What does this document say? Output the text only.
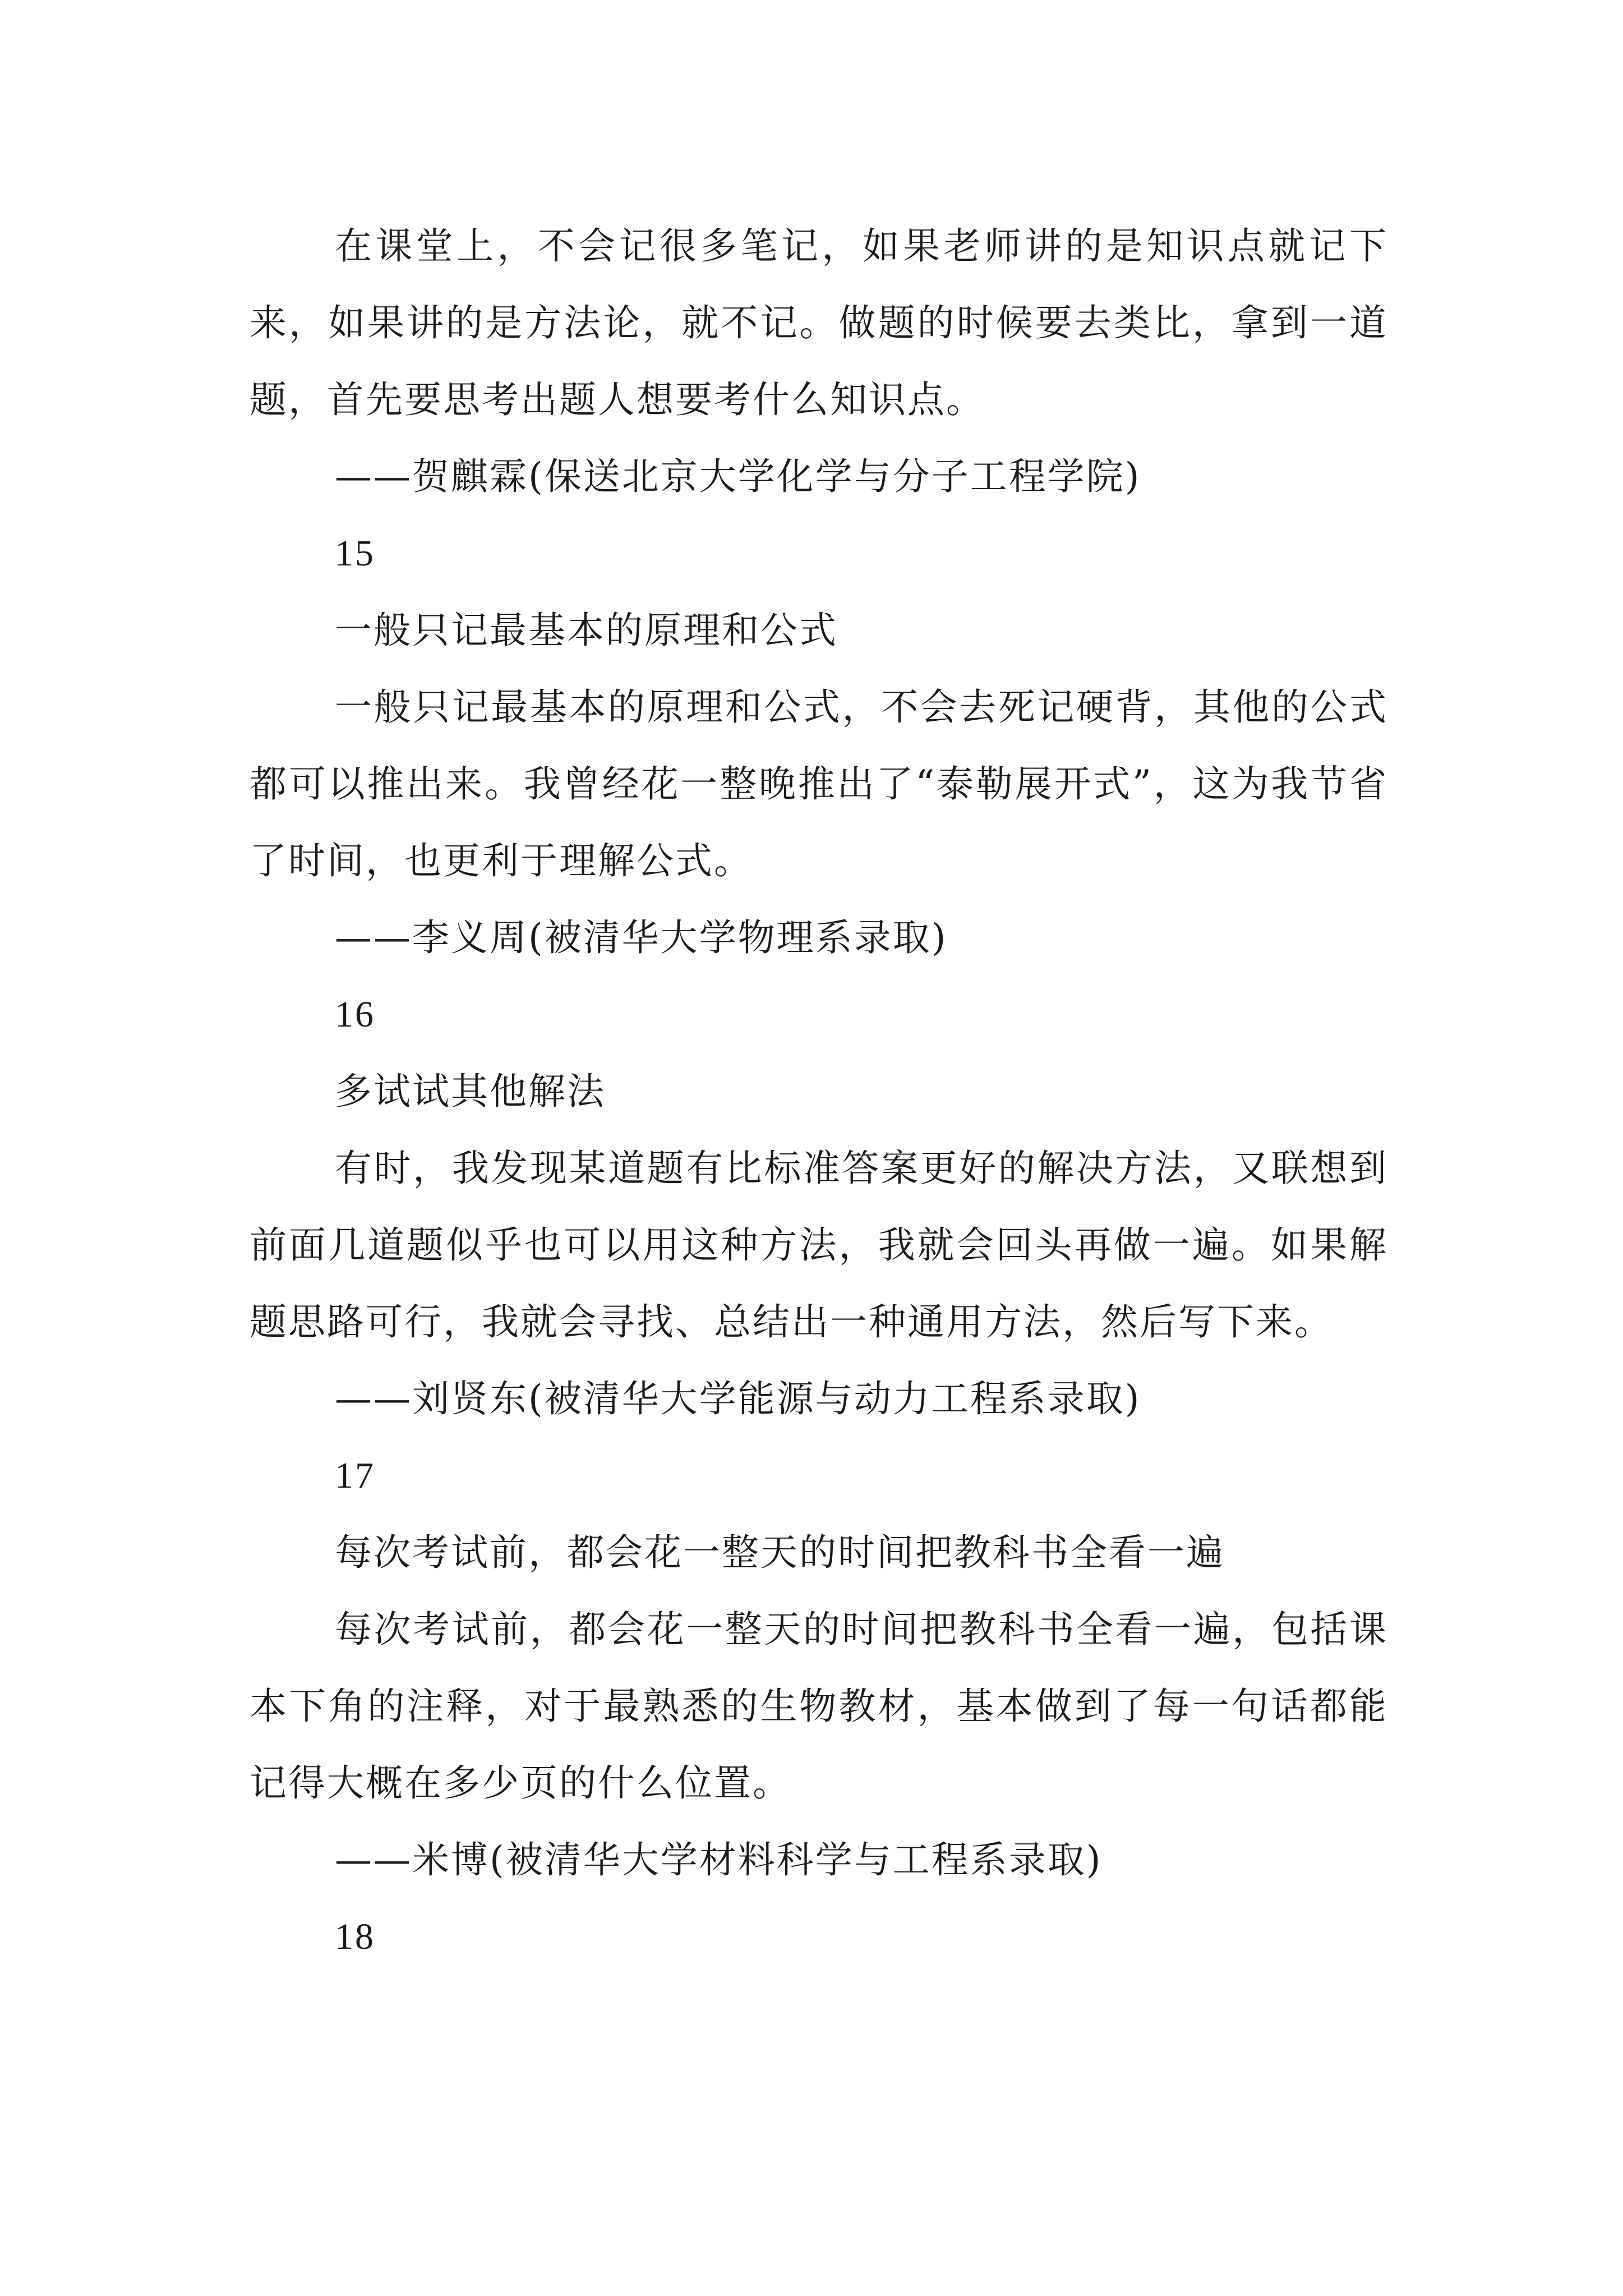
在课堂上，不会记很多笔记，如果老师讲的是知识点就记下来，如果讲的是方法论，就不记。做题的时候要去类比，拿到一道题，首先要思考出题人想要考什么知识点。
——贺麒霖(保送北京大学化学与分子工程学院)
15
一般只记最基本的原理和公式
一般只记最基本的原理和公式，不会去死记硬背，其他的公式都可以推出来。我曾经花一整晚推出了“泰勒展开式”，这为我节省了时间，也更利于理解公式。
——李义周(被清华大学物理系录取)
16
多试试其他解法
有时，我发现某道题有比标准答案更好的解决方法，又联想到前面几道题似乎也可以用这种方法，我就会回头再做一遍。如果解题思路可行，我就会寻找、总结出一种通用方法，然后写下来。
——刘贤东(被清华大学能源与动力工程系录取)
17
每次考试前，都会花一整天的时间把教科书全看一遍
每次考试前，都会花一整天的时间把教科书全看一遍，包括课本下角的注释，对于最熟悉的生物教材，基本做到了每一句话都能记得大概在多少页的什么位置。
——米博(被清华大学材料科学与工程系录取)
18
